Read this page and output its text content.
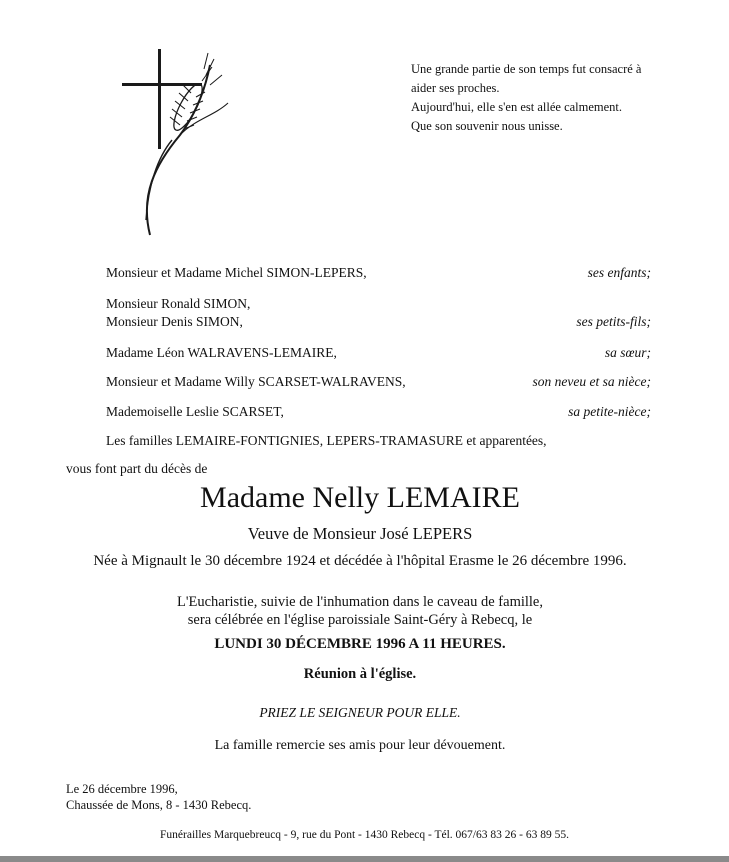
Une grande partie de son temps fut consacré à
aider ses proches.
Aujourd'hui, elle s'en est allée calmement.
Que son souvenir nous unisse.
Monsieur et Madame Michel SIMON-LEPERS,	ses enfants;
Monsieur Ronald SIMON,
Monsieur Denis SIMON,	ses petits-fils;
Madame Léon WALRAVENS-LEMAIRE,	sa sœur;
Monsieur et Madame Willy SCARSET-WALRAVENS,	son neveu et sa nièce;
Mademoiselle Leslie SCARSET,	sa petite-nièce;
Les familles LEMAIRE-FONTIGNIES, LEPERS-TRAMASURE et apparentées,
vous font part du décès de
Madame Nelly LEMAIRE
Veuve de Monsieur José LEPERS
Née à Mignault le 30 décembre 1924 et décédée à l'hôpital Erasme le 26 décembre 1996.
L'Eucharistie, suivie de l'inhumation dans le caveau de famille,
sera célébrée en l'église paroissiale Saint-Géry à Rebecq, le
LUNDI 30 DÉCEMBRE 1996 A 11 HEURES.
Réunion à l'église.
PRIEZ LE SEIGNEUR POUR ELLE.
La famille remercie ses amis pour leur dévouement.
Le 26 décembre 1996,
Chaussée de Mons, 8 - 1430 Rebecq.
Funérailles Marquebreucq - 9, rue du Pont - 1430 Rebecq - Tél. 067/63 83 26 - 63 89 55.
